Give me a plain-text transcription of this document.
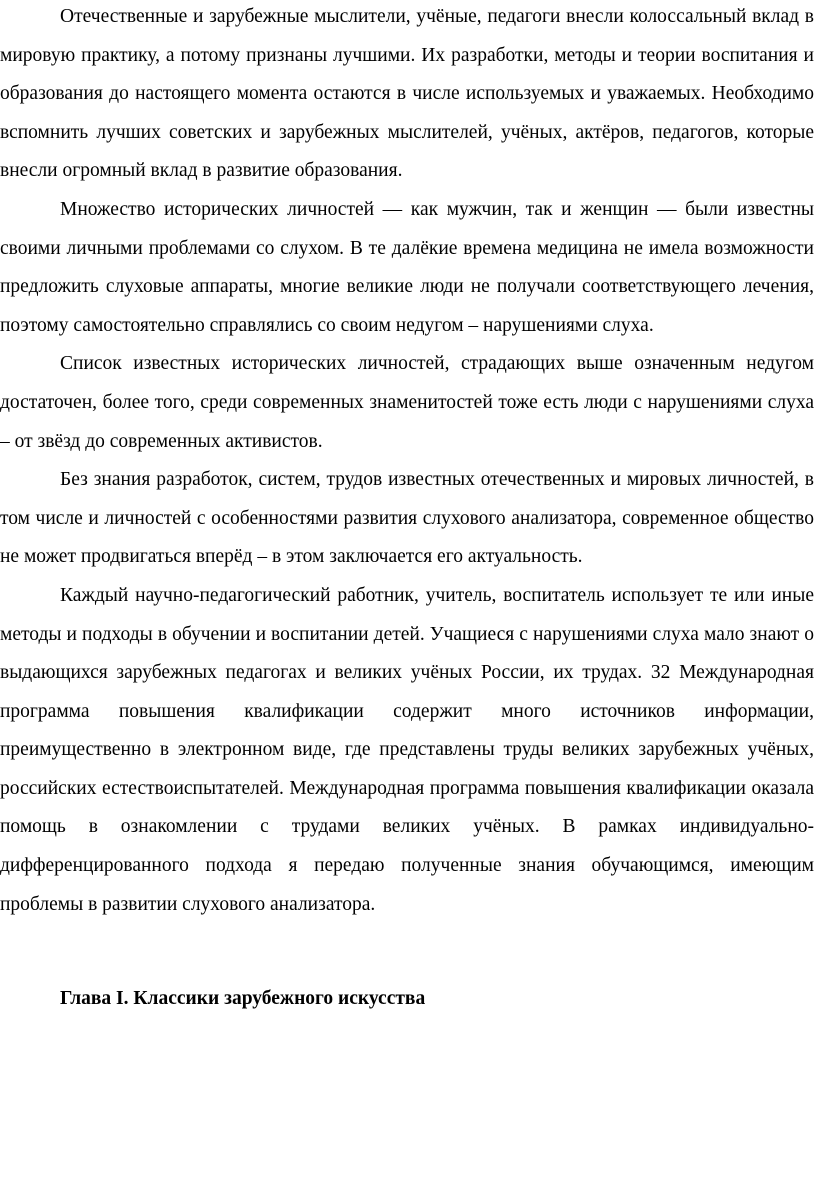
Отечественные и зарубежные мыслители, учёные, педагоги внесли колоссальный вклад в мировую практику, а потому признаны лучшими. Их разработки, методы и теории воспитания и образования до настоящего момента остаются в числе используемых и уважаемых. Необходимо вспомнить лучших советских и зарубежных мыслителей, учёных, актёров, педагогов, которые внесли огромный вклад в развитие образования.

Множество исторических личностей — как мужчин, так и женщин — были известны своими личными проблемами со слухом. В те далёкие времена медицина не имела возможности предложить слуховые аппараты, многие великие люди не получали соответствующего лечения, поэтому самостоятельно справлялись со своим недугом – нарушениями слуха.

Список известных исторических личностей, страдающих выше означенным недугом достаточен, более того, среди современных знаменитостей тоже есть люди с нарушениями слуха – от звёзд до современных активистов.

Без знания разработок, систем, трудов известных отечественных и мировых личностей, в том числе и личностей с особенностями развития слухового анализатора, современное общество не может продвигаться вперёд – в этом заключается его актуальность.

Каждый научно-педагогический работник, учитель, воспитатель использует те или иные методы и подходы в обучении и воспитании детей. Учащиеся с нарушениями слуха мало знают о выдающихся зарубежных педагогах и великих учёных России, их трудах. 32 Международная программа повышения квалификации содержит много источников информации, преимущественно в электронном виде, где представлены труды великих зарубежных учёных, российских естествоиспытателей. Международная программа повышения квалификации оказала помощь в ознакомлении с трудами великих учёных. В рамках индивидуально-дифференцированного подхода я передаю полученные знания обучающимся, имеющим проблемы в развитии слухового анализатора.

Глава I. Классики зарубежного искусства
